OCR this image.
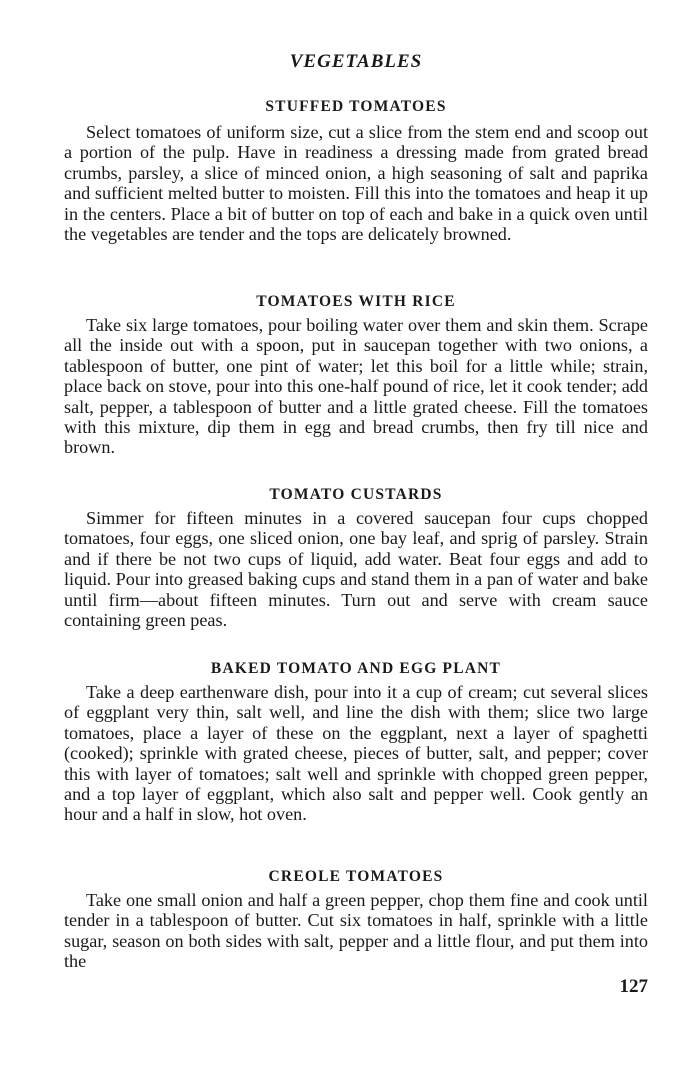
VEGETABLES
STUFFED TOMATOES

Select tomatoes of uniform size, cut a slice from the stem end and scoop out a portion of the pulp. Have in readiness a dressing made from grated bread crumbs, parsley, a slice of minced onion, a high seasoning of salt and paprika and sufficient melted butter to moisten. Fill this into the tomatoes and heap it up in the centers. Place a bit of butter on top of each and bake in a quick oven until the vegetables are tender and the tops are delicately browned.

TOMATOES WITH RICE

Take six large tomatoes, pour boiling water over them and skin them. Scrape all the inside out with a spoon, put in saucepan together with two onions, a tablespoon of butter, one pint of water; let this boil for a little while; strain, place back on stove, pour into this one-half pound of rice, let it cook tender; add salt, pepper, a tablespoon of butter and a little grated cheese. Fill the tomatoes with this mixture, dip them in egg and bread crumbs, then fry till nice and brown.

TOMATO CUSTARDS

Simmer for fifteen minutes in a covered saucepan four cups chopped tomatoes, four eggs, one sliced onion, one bay leaf, and sprig of parsley. Strain and if there be not two cups of liquid, add water. Beat four eggs and add to liquid. Pour into greased baking cups and stand them in a pan of water and bake until firm—about fifteen minutes. Turn out and serve with cream sauce containing green peas.

BAKED TOMATO AND EGG PLANT

Take a deep earthenware dish, pour into it a cup of cream; cut several slices of eggplant very thin, salt well, and line the dish with them; slice two large tomatoes, place a layer of these on the eggplant, next a layer of spaghetti (cooked); sprinkle with grated cheese, pieces of butter, salt, and pepper; cover this with layer of tomatoes; salt well and sprinkle with chopped green pepper, and a top layer of eggplant, which also salt and pepper well. Cook gently an hour and a half in slow, hot oven.

CREOLE TOMATOES

Take one small onion and half a green pepper, chop them fine and cook until tender in a tablespoon of butter. Cut six tomatoes in half, sprinkle with a little sugar, season on both sides with salt, pepper and a little flour, and put them into the

127
